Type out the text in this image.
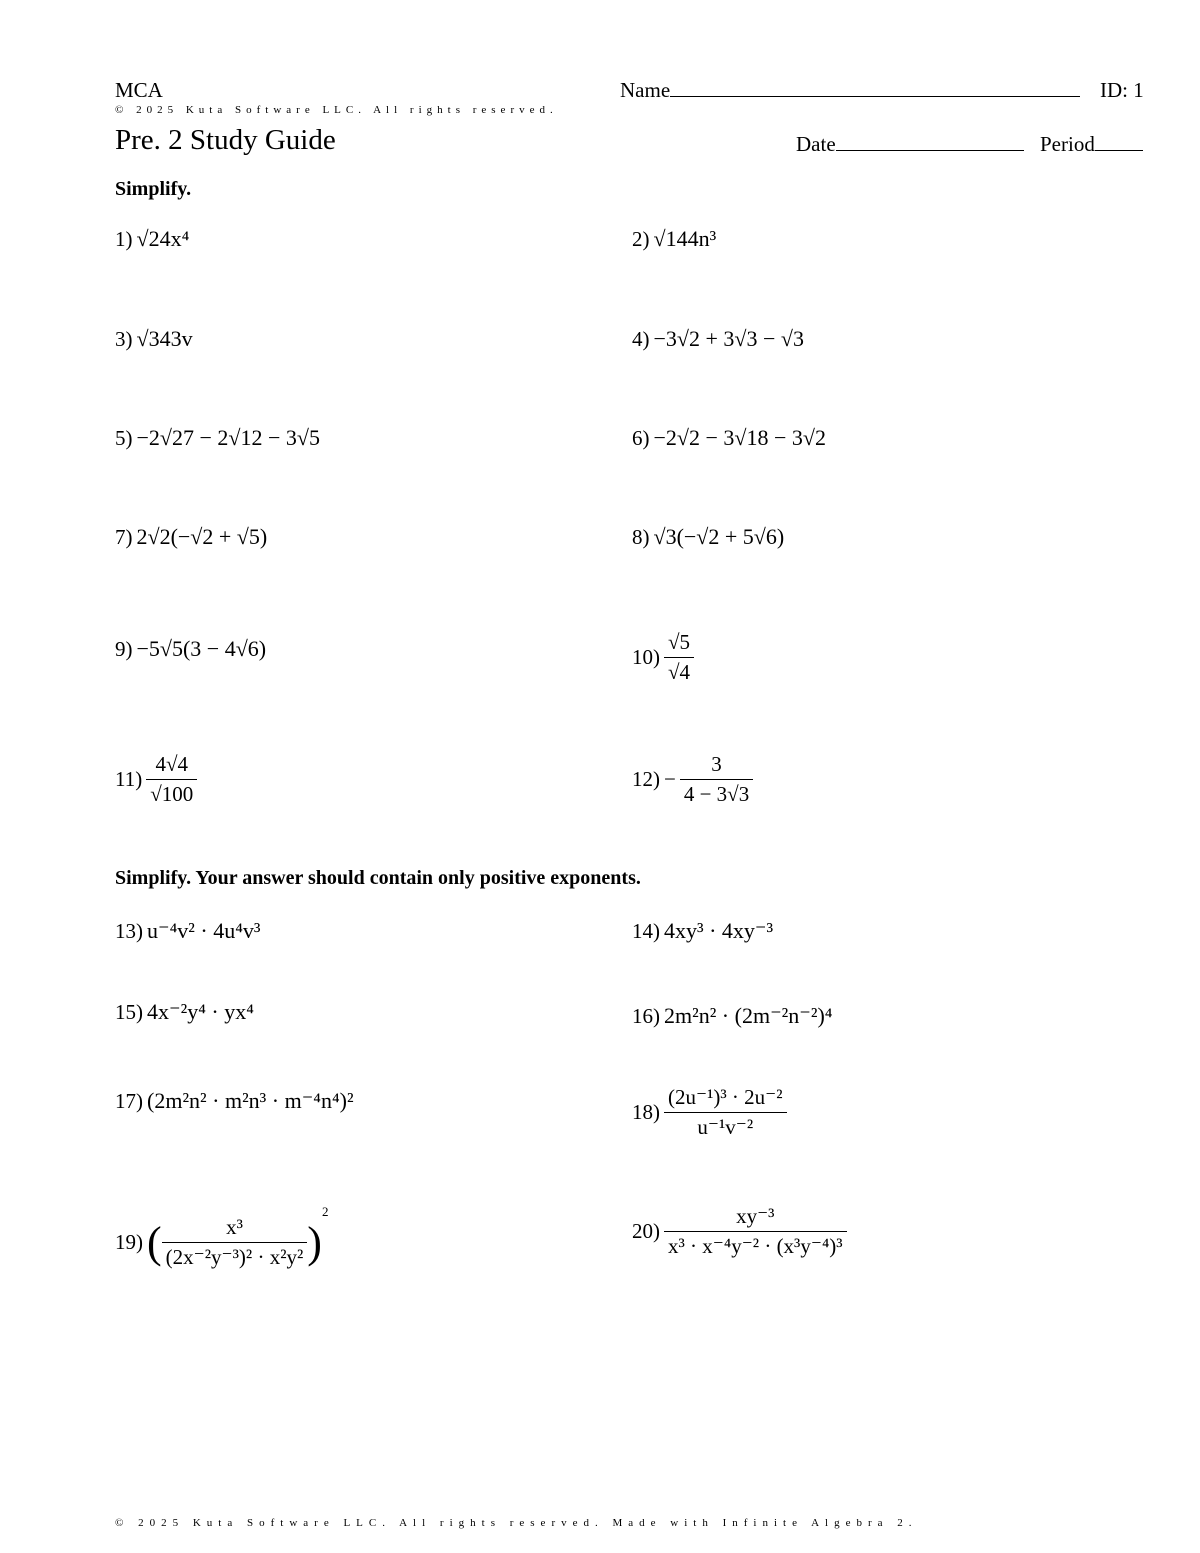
MCA	Name	ID: 1
© 2025 Kuta Software LLC. All rights reserved.
Pre. 2 Study Guide	Date	Period
Simplify.
1) √24x⁴	2) √144n³
3) √343v	4) −3√2 + 3√3 − √3
5) −2√27 − 2√12 − 3√5	6) −2√2 − 3√18 − 3√2
7) 2√2(−√2 + √5)	8) √3(−√2 + 5√6)
9) −5√5(3 − 4√6)	$10) \frac{√5}{√4}$
$11) \frac{4√4}{√100}$	$12) - \frac{3}{4 - 3√3}$
Simplify. Your answer should contain only positive exponents.
13) u⁻⁴v² · 4u⁴v³	14) 4xy³ · 4xy⁻³
15) 4x⁻²y⁴ · yx⁴	16) 2m²n² · (2m⁻²n⁻²)⁴
17) (2m²n² · m²n³ · m⁻⁴n⁴)²	$18) \frac{\text{(2u⁻¹)³ · 2u⁻²}}{\text{u⁻¹v⁻²}}$
19) ( $\frac{\text{x³}}{\text{(2x⁻²y⁻³)² · x²y²}} )^2$
$20) \frac{\text{xy⁻³}}{\text{x³ · x⁻⁴y⁻² · (x³y⁻⁴)³}}$
© 2025 Kuta Software LLC. All rights reserved. Made with Infinite Algebra 2.
